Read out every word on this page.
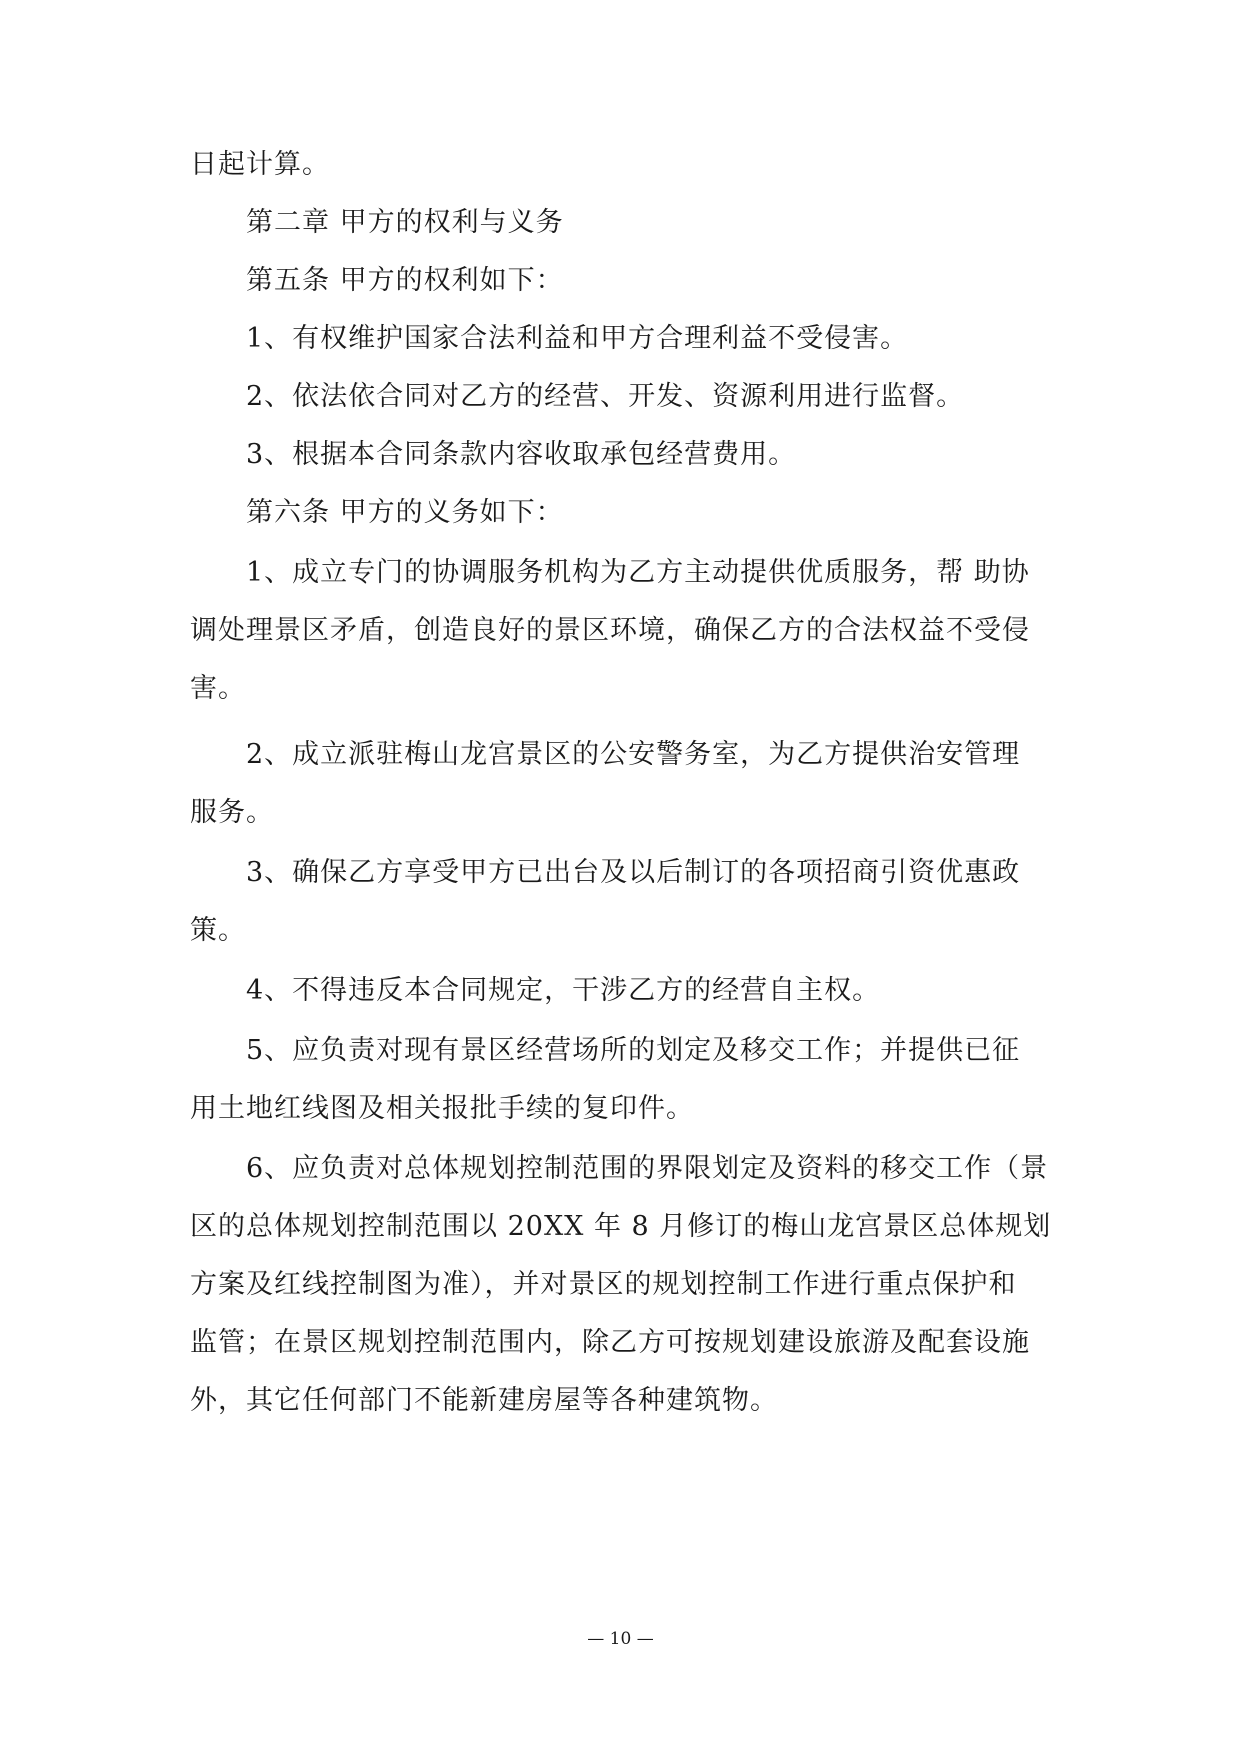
日起计算。
第二章 甲方的权利与义务
第五条 甲方的权利如下：
1、有权维护国家合法利益和甲方合理利益不受侵害。
2、依法依合同对乙方的经营、开发、资源利用进行监督。
3、根据本合同条款内容收取承包经营费用。
第六条 甲方的义务如下：
1、成立专门的协调服务机构为乙方主动提供优质服务，帮 助协
调处理景区矛盾，创造良好的景区环境，确保乙方的合法权益不受侵
害。
2、成立派驻梅山龙宫景区的公安警务室，为乙方提供治安管理
服务。
3、确保乙方享受甲方已出台及以后制订的各项招商引资优惠政
策。
4、不得违反本合同规定，干涉乙方的经营自主权。
5、应负责对现有景区经营场所的划定及移交工作；并提供已征
用土地红线图及相关报批手续的复印件。
6、应负责对总体规划控制范围的界限划定及资料的移交工作（景
区的总体规划控制范围以 20XX 年 8 月修订的梅山龙宫景区总体规划
方案及红线控制图为准），并对景区的规划控制工作进行重点保护和
监管；在景区规划控制范围内，除乙方可按规划建设旅游及配套设施
外，其它任何部门不能新建房屋等各种建筑物。
— 10 —
